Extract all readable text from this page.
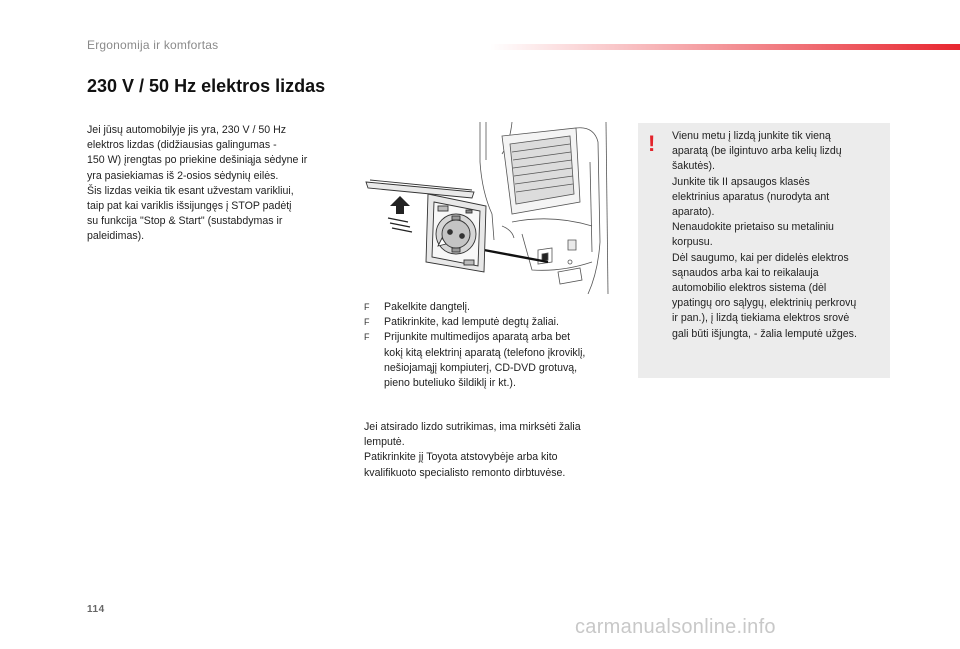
Ergonomija ir komfortas
230 V / 50 Hz elektros lizdas

Jei jūsų automobilyje jis yra, 230 V / 50 Hz
elektros lizdas (didžiausias galingumas -
150 W) įrengtas po priekine dešiniąja sėdyne ir
yra pasiekiamas iš 2-osios sėdynių eilės.
Šis lizdas veikia tik esant užvestam varikliui,
taip pat kai variklis išsijungęs į STOP padėtį
su funkcija "Stop & Start" (sustabdymas ir
paleidimas).

F Pakelkite dangtelį.
F Patikrinkite, kad lemputė degtų žaliai.
F Prijunkite multimedijos aparatą arba bet
kokį kitą elektrinį aparatą (telefono įkroviklį,
nešiojamąjį kompiuterį, CD-DVD grotuvą,
pieno buteliuko šildiklį ir kt.).

Jei atsirado lizdo sutrikimas, ima mirksėti žalia
lemputė.
Patikrinkite jį Toyota atstovybėje arba kito
kvalifikuoto specialisto remonto dirbtuvėse.

! Vienu metu į lizdą junkite tik vieną
aparatą (be ilgintuvo arba kelių lizdų
šakutės).
Junkite tik II apsaugos klasės
elektrinius aparatus (nurodyta ant
aparato).
Nenaudokite prietaiso su metaliniu
korpusu.
Dėl saugumo, kai per didelės elektros
sąnaudos arba kai to reikalauja
automobilio elektros sistema (dėl
ypatingų oro sąlygų, elektrinių perkrovų
ir pan.), į lizdą tiekiama elektros srovė
gali būti išjungta, - žalia lemputė užges.

114
carmanualsonline.info
